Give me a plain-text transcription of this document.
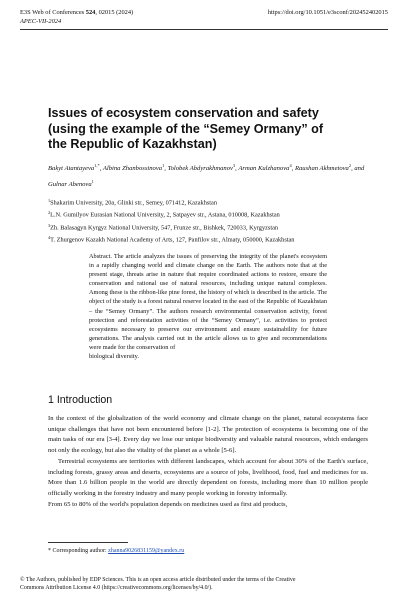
E3S Web of Conferences 524, 02015 (2024)	https://doi.org/10.1051/e3sconf/202452402015
APEC-VII-2024
Issues of ecosystem conservation and safety
(using the example of the “Semey Ormany” of
the Republic of Kazakhstan)
Bakyt Atantayeva$^{1,*}$, Albina Zhanbossinova$^1$, Tolobek Abdyrakhmanov$^3$, Arman Kulzhanova$^4$, Raushan Akhmetova$^2$, and Gulnar Abenova$^1$
$^1$Shakarim University, 20a, Glinki str., Semey, 071412, Kazakhstan
$^2$L.N. Gumilyov Eurasian National University, 2, Satpayev str., Astana, 010008, Kazakhstan
$^3$Zh. Balasagyn Kyrgyz National University, 547, Frunze str., Bishkek, 720033, Kyrgyzstan
$^4$T. Zhurgenov Kazakh National Academy of Arts, 127, Panfilov str., Almaty, 050000, Kazakhstan
Abstract. The article analyzes the issues of preserving the integrity of the planet's ecosystem in a rapidly changing world and climate change on the Earth. The authors note that at the present stage, threats arise in nature that require coordinated actions to restore, ensure the conservation and rational use of natural resources, including unique natural complexes. Among these is the ribbon-like pine forest, the history of which is described in the article. The object of the study is a forest natural reserve located in the east of the Republic of Kazakhstan – the “Semey Ormany”. The authors research environmental conservation activity, forest protection and reforestation activities of the “Semey Ormany”, i.e. activities to protect ecosystems necessary to preserve our environment and ensure sustainability for future generations. The analysis carried out in the article allows us to give and recommendations were made for the conservation of
biological diversity.
1 Introduction
In the context of the globalization of the world economy and climate change on the planet, natural ecosystems face unique challenges that have not been encountered before [1-2]. The protection of ecosystems is becoming one of the main tasks of our era [3-4]. Every day we lose our unique biodiversity and valuable natural resources, which endangers not only the ecology, but also the vitality of the planet as a whole [5-6].
Terrestrial ecosystems are territories with different landscapes, which account for about 30% of the Earth's surface, including forests, grassy areas and deserts, ecosystems are a source of jobs, livelihood, food, fuel and medicines for us. More than 1.6 billion people in the world are directly dependent on forests, including more than 10 million people officially working in the forestry industry and many people working in forestry informally.
From 65 to 80% of the world's population depends on medicines used as first aid products,
* Corresponding author: zhanna9026831159@yandex.ru
© The Authors, published by EDP Sciences. This is an open access article distributed under the terms of the Creative
Commons Attribution License 4.0 (https://creativecommons.org/licenses/by/4.0/).
